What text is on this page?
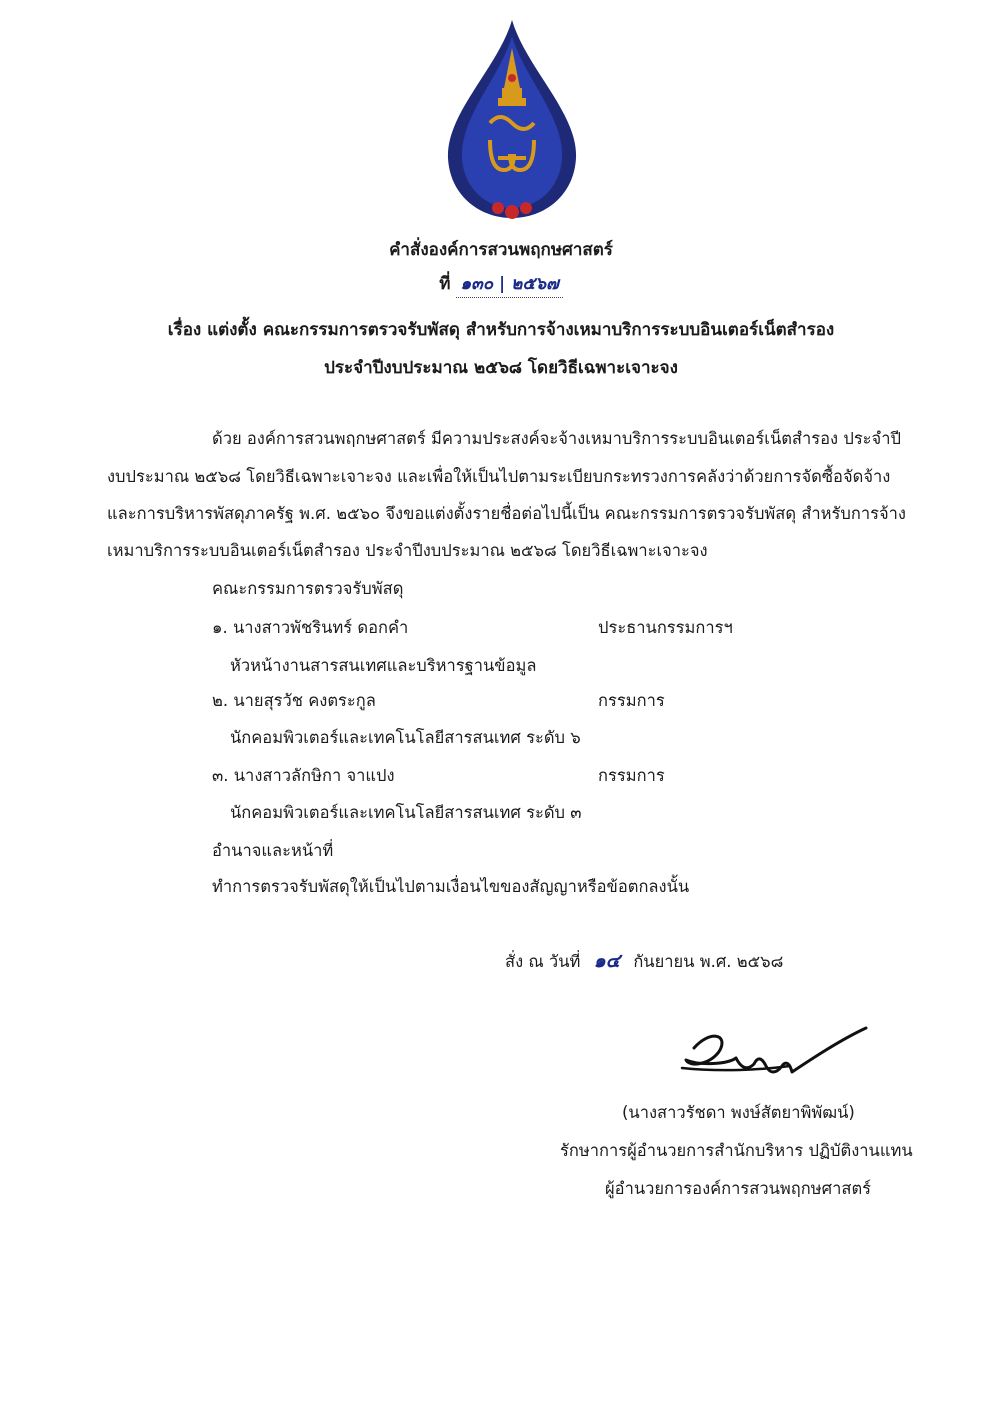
คำสั่งองค์การสวนพฤกษศาสตร์
ที่ ๑๓๐ | ๒๕๖๗
เรื่อง แต่งตั้ง คณะกรรมการตรวจรับพัสดุ สำหรับการจ้างเหมาบริการระบบอินเตอร์เน็ตสำรอง
ประจำปีงบประมาณ ๒๕๖๘ โดยวิธีเฉพาะเจาะจง
ด้วย องค์การสวนพฤกษศาสตร์ มีความประสงค์จะจ้างเหมาบริการระบบอินเตอร์เน็ตสำรอง ประจำปี
งบประมาณ ๒๕๖๘ โดยวิธีเฉพาะเจาะจง และเพื่อให้เป็นไปตามระเบียบกระทรวงการคลังว่าด้วยการจัดซื้อจัดจ้าง
และการบริหารพัสดุภาครัฐ พ.ศ. ๒๕๖๐ จึงขอแต่งตั้งรายชื่อต่อไปนี้เป็น คณะกรรมการตรวจรับพัสดุ สำหรับการจ้าง
เหมาบริการระบบอินเตอร์เน็ตสำรอง ประจำปีงบประมาณ ๒๕๖๘ โดยวิธีเฉพาะเจาะจง
คณะกรรมการตรวจรับพัสดุ
๑. นางสาวพัชรินทร์ ดอกคำ	ประธานกรรมการฯ
หัวหน้างานสารสนเทศและบริหารฐานข้อมูล
๒. นายสุรวัช คงตระกูล	กรรมการ
นักคอมพิวเตอร์และเทคโนโลยีสารสนเทศ ระดับ ๖
๓. นางสาวลักษิกา จาแปง	กรรมการ
นักคอมพิวเตอร์และเทคโนโลยีสารสนเทศ ระดับ ๓
อำนาจและหน้าที่
ทำการตรวจรับพัสดุให้เป็นไปตามเงื่อนไขของสัญญาหรือข้อตกลงนั้น
สั่ง ณ วันที่ ๑๔ กันยายน พ.ศ. ๒๕๖๘
(นางสาวรัชดา พงษ์สัตยาพิพัฒน์)
รักษาการผู้อำนวยการสำนักบริหาร ปฏิบัติงานแทน
ผู้อำนวยการองค์การสวนพฤกษศาสตร์
